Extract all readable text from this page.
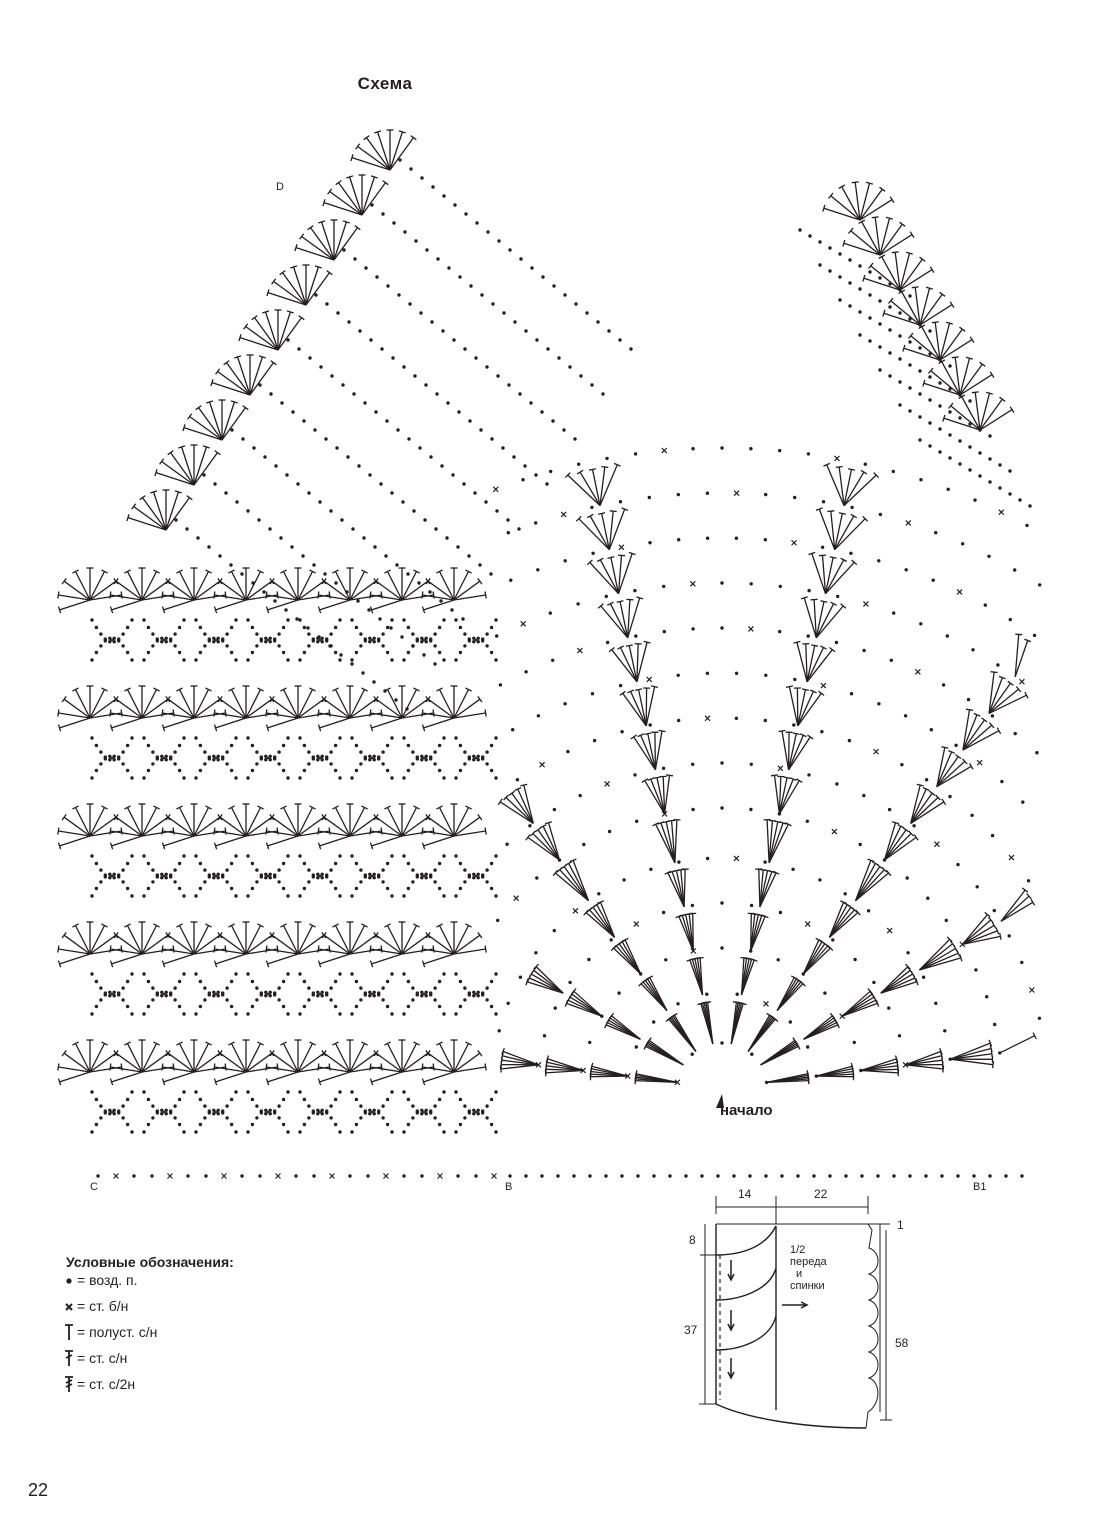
Схема
D
C	B	B1
начало
Условные обозначения:
= возд. п.
= ст. б/н
= полуст. с/н
= ст. с/н
= ст. с/2н
14	22
1
8
37
58
1/2
переда
и
спинки
22
